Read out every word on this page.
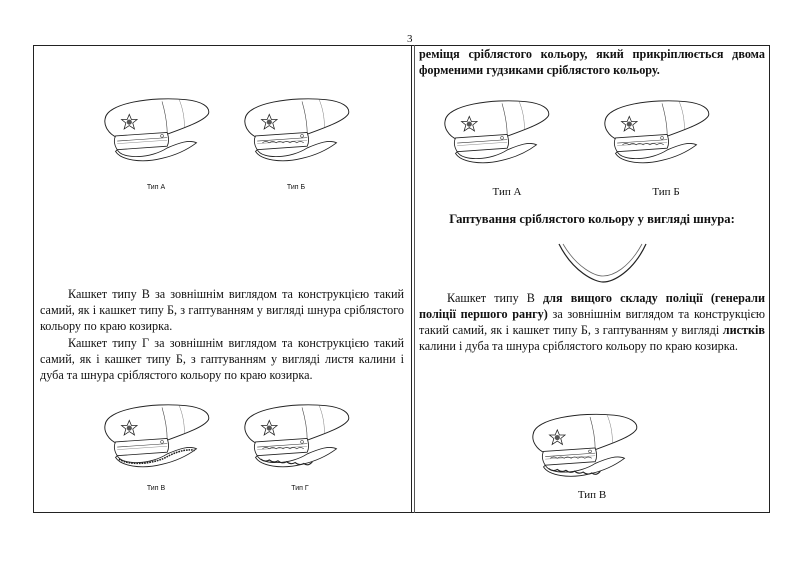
3
Тип А	Тип Б

Кашкет типу В за зовнішнім виглядом та конструкцією такий самий, як і кашкет типу Б, з гаптуванням у вигляді шнура сріблястого кольору по краю козирка.

Кашкет типу Г за зовнішнім виглядом та конструкцією такий самий, як і кашкет типу Б, з гаптуванням у вигляді листя калини і дуба та шнура сріблястого кольору по краю козирка.

Тип В	Тип Г
реміщя сріблястого кольору, який прикріплюється двома форменими гудзиками сріблястого кольору.
Тип А	Тип Б
Гаптування сріблястого кольору у вигляді шнура:

Кашкет типу В для вищого складу поліції (генерали поліції першого рангу) за зовнішнім виглядом та конструкцією такий самий, як і кашкет типу Б, з гаптуванням у вигляді листків калини і дуба та шнура сріблястого кольору по краю козирка.

Тип В
